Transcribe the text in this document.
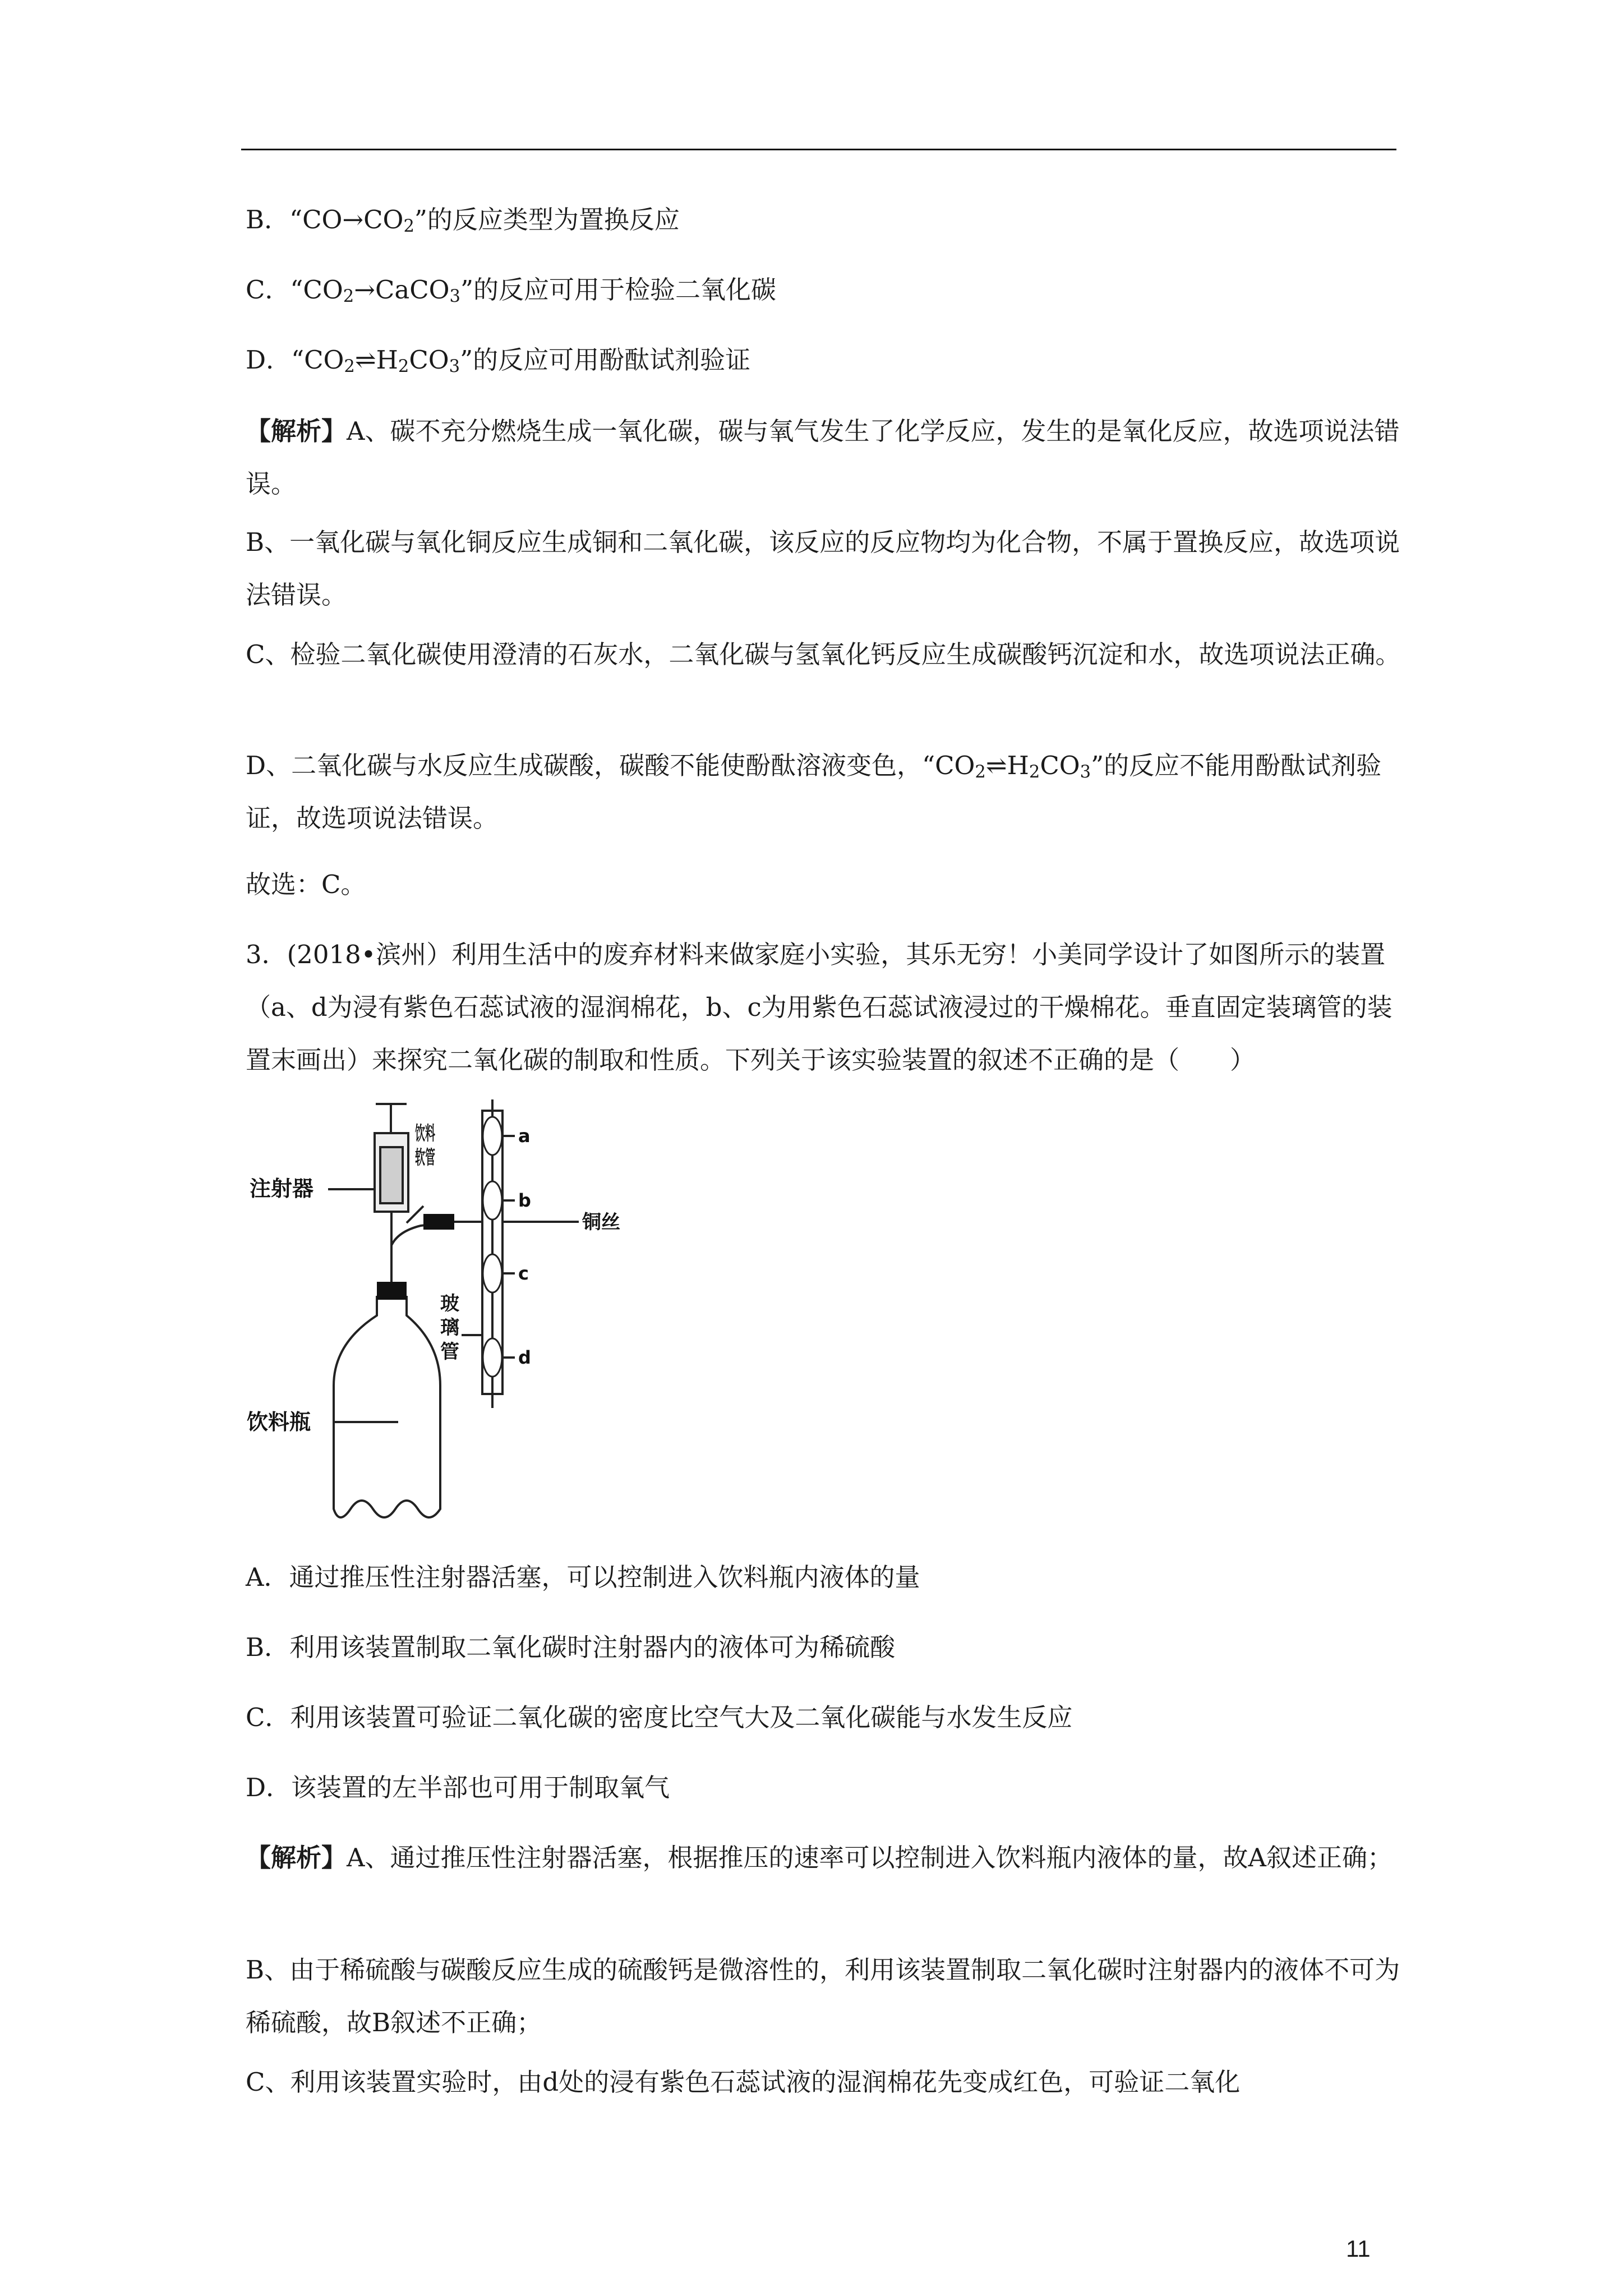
B．“$CO\to CO_2$”的反应类型为置换反应

C．“$CO_2\to CaCO_3$”的反应可用于检验二氧化碳

D．“$CO_2\rightleftharpoons H_2CO_3$”的反应可用酚酞试剂验证

【解析】A、碳不充分燃烧生成一氧化碳，碳与氧气发生了化学反应，发生的是氧化反应，故选项说法错误。

B、一氧化碳与氧化铜反应生成铜和二氧化碳，该反应的反应物均为化合物，不属于置换反应，故选项说法错误。

C、检验二氧化碳使用澄清的石灰水，二氧化碳与氢氧化钙反应生成碳酸钙沉淀和水，故选项说法正确。

D、二氧化碳与水反应生成碳酸，碳酸不能使酚酞溶液变色，“$CO_2\rightleftharpoons H_2CO_3$”的反应不能用酚酞试剂验证，故选项说法错误。

故选：C。

3．(2018•滨州）利用生活中的废弃材料来做家庭小实验，其乐无穷！小美同学设计了如图所示的装置（a、d为浸有紫色石蕊试液的湿润棉花，b、c为用紫色石蕊试液浸过的干燥棉花。垂直固定装璃管的装置末画出）来探究二氧化碳的制取和性质。下列关于该实验装置的叙述不正确的是（　　）

注射器
饮料软管
铜丝
玻璃管
饮料瓶
a
b
c
d

A．通过推压性注射器活塞，可以控制进入饮料瓶内液体的量

B．利用该装置制取二氧化碳时注射器内的液体可为稀硫酸

C．利用该装置可验证二氧化碳的密度比空气大及二氧化碳能与水发生反应

D．该装置的左半部也可用于制取氧气

【解析】A、通过推压性注射器活塞，根据推压的速率可以控制进入饮料瓶内液体的量，故A叙述正确；

B、由于稀硫酸与碳酸反应生成的硫酸钙是微溶性的，利用该装置制取二氧化碳时注射器内的液体不可为稀硫酸，故B叙述不正确；

C、利用该装置实验时，由d处的浸有紫色石蕊试液的湿润棉花先变成红色，可验证二氧化

11
